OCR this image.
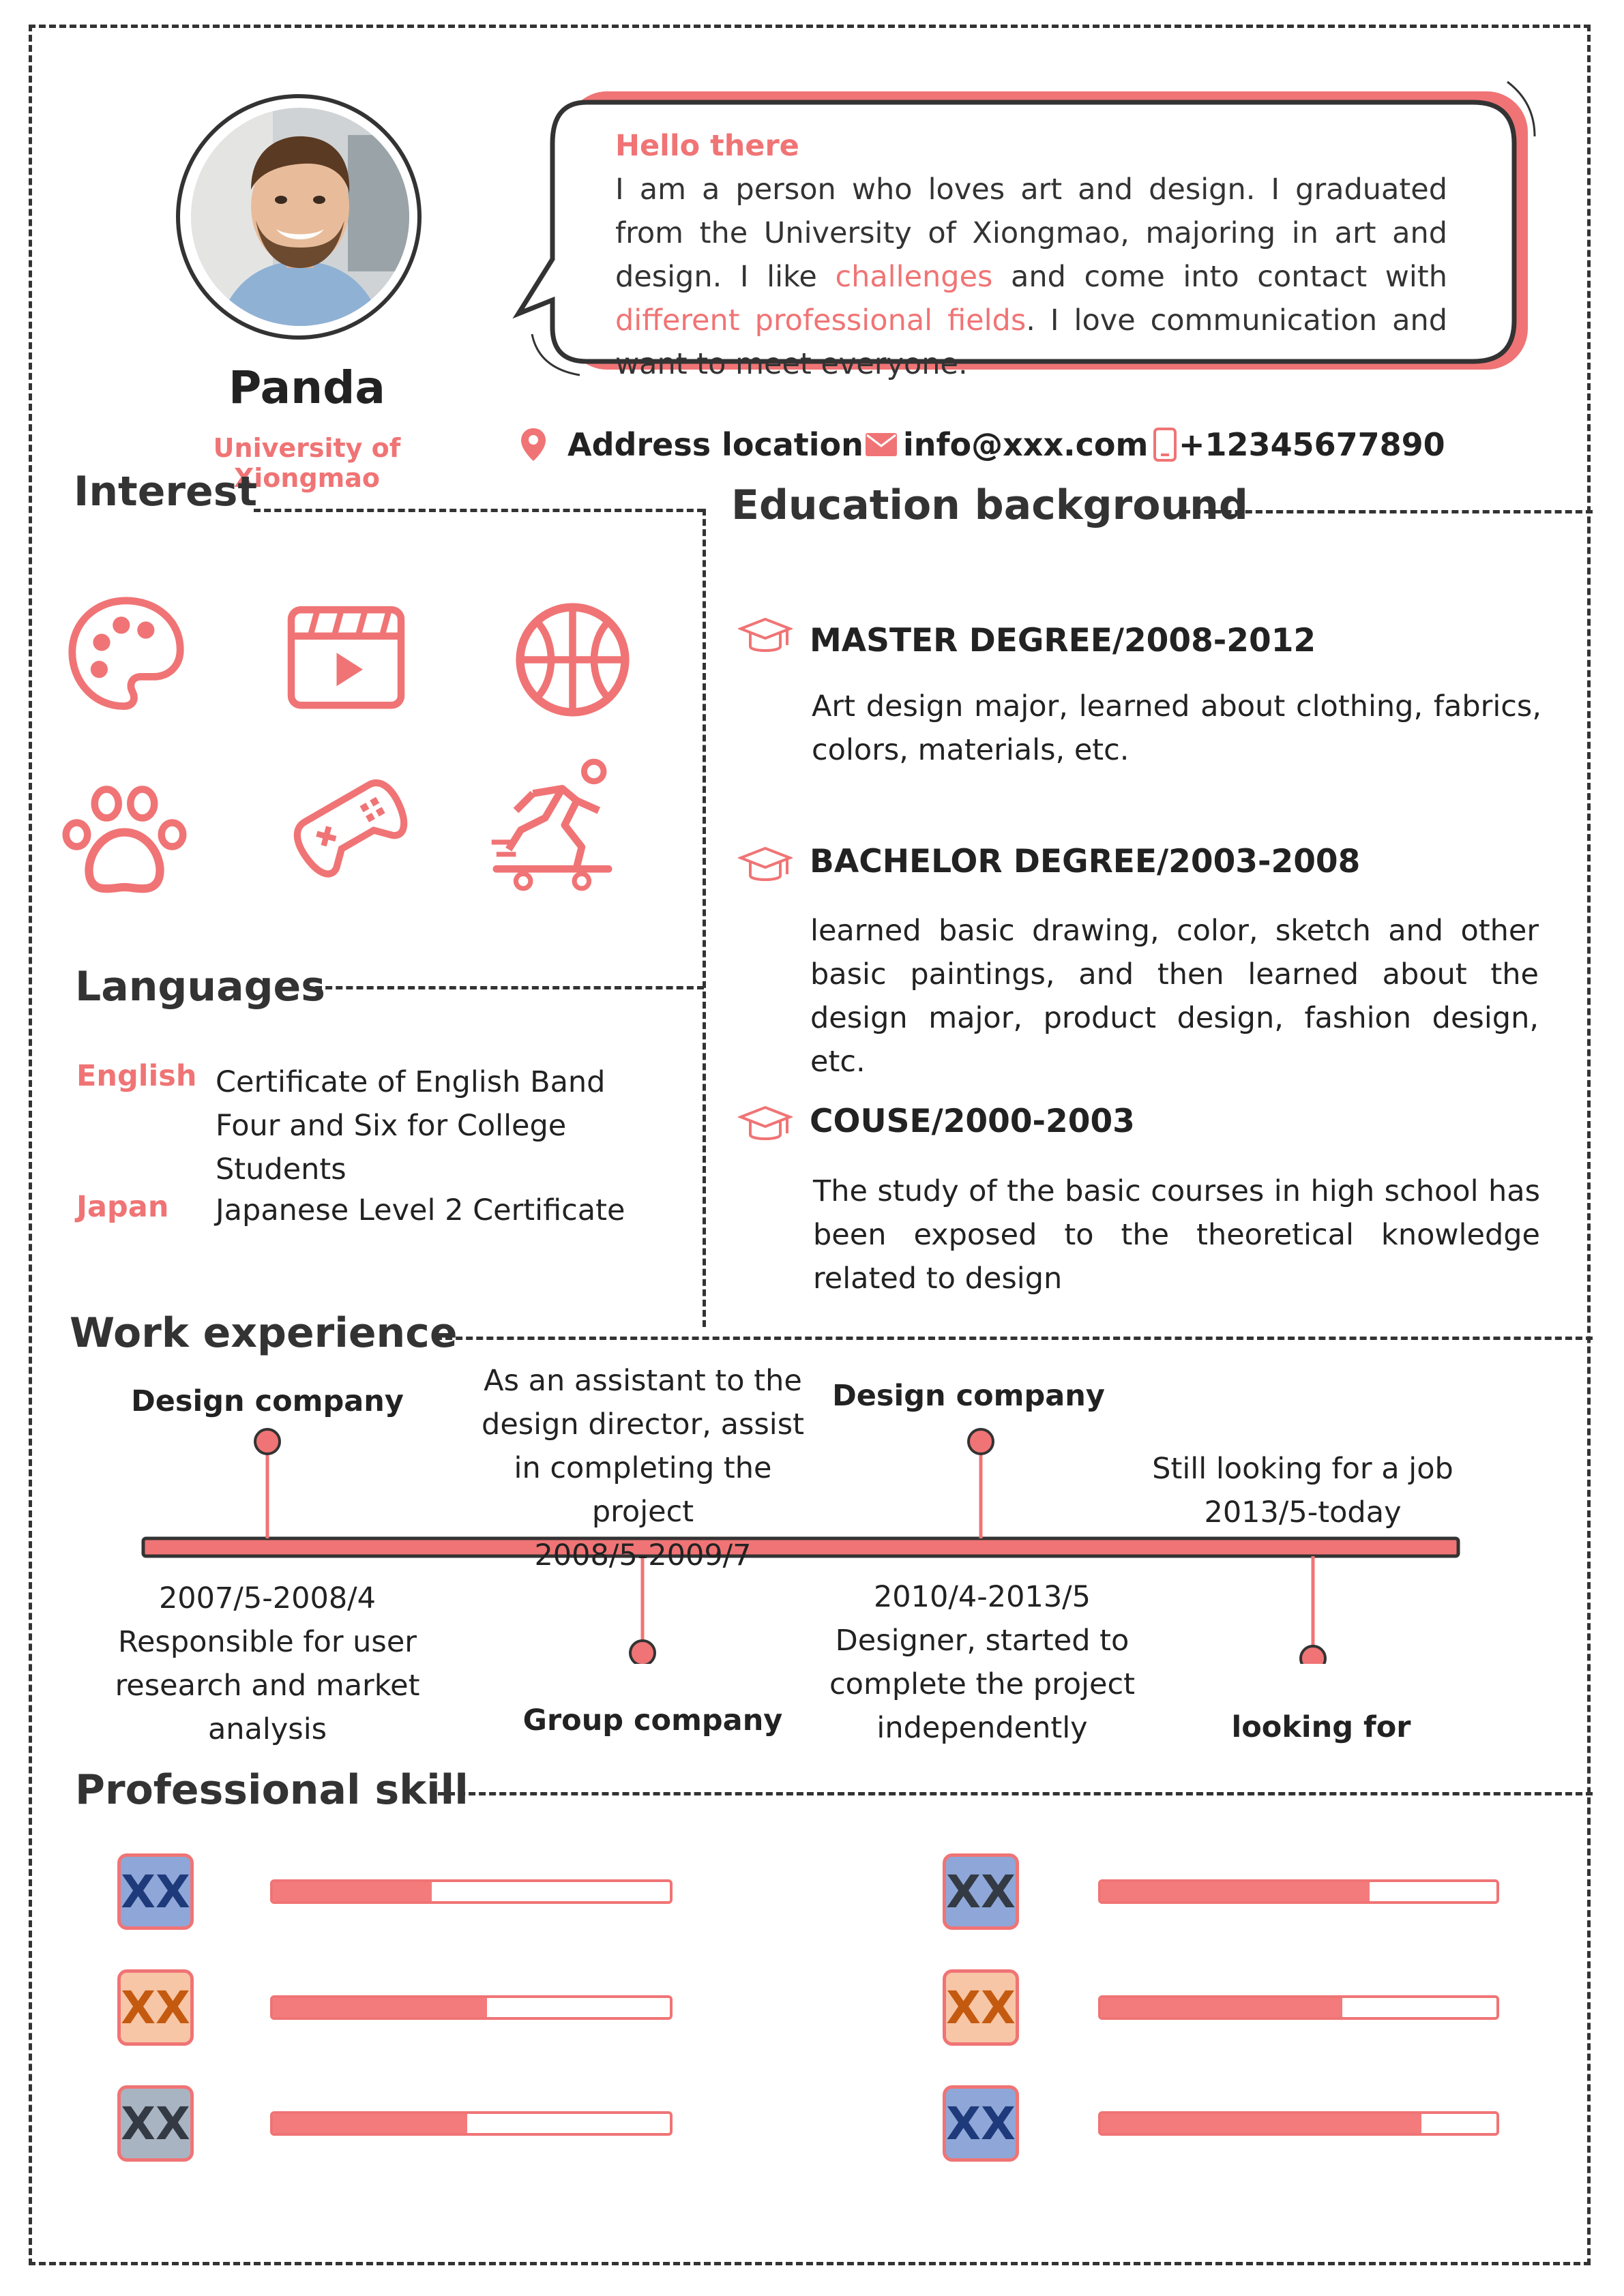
Panda
University of Xiongmao
Hello there
I am a person who loves art and design. I graduated from the University of Xiongmao, majoring in art and design. I like challenges and come into contact with different professional fields. I love communication and want to meet everyone.
Address location info@xxx.com +12345677890
Interest	Education background
Languages
English Certificate of English Band Four and Six for College Students
Japan Japanese Level 2 Certificate
MASTER DEGREE/2008-2012
Art design major, learned about clothing, fabrics, colors, materials, etc.
BACHELOR DEGREE/2003-2008
learned basic drawing, color, sketch and other basic paintings, and then learned about the design major, product design, fashion design, etc.
COUSE/2000-2003
The study of the basic courses in high school has been exposed to the theoretical knowledge related to design
Work experience
Design company
2007/5-2008/4
Responsible for user research and market analysis
As an assistant to the design director, assist in completing the project
2008/5-2009/7
Group company
Design company
2010/4-2013/5
Designer, started to complete the project independently
Still looking for a job
2013/5-today
looking for
Professional skill
XX
XX
XX
XX
XX
XX
